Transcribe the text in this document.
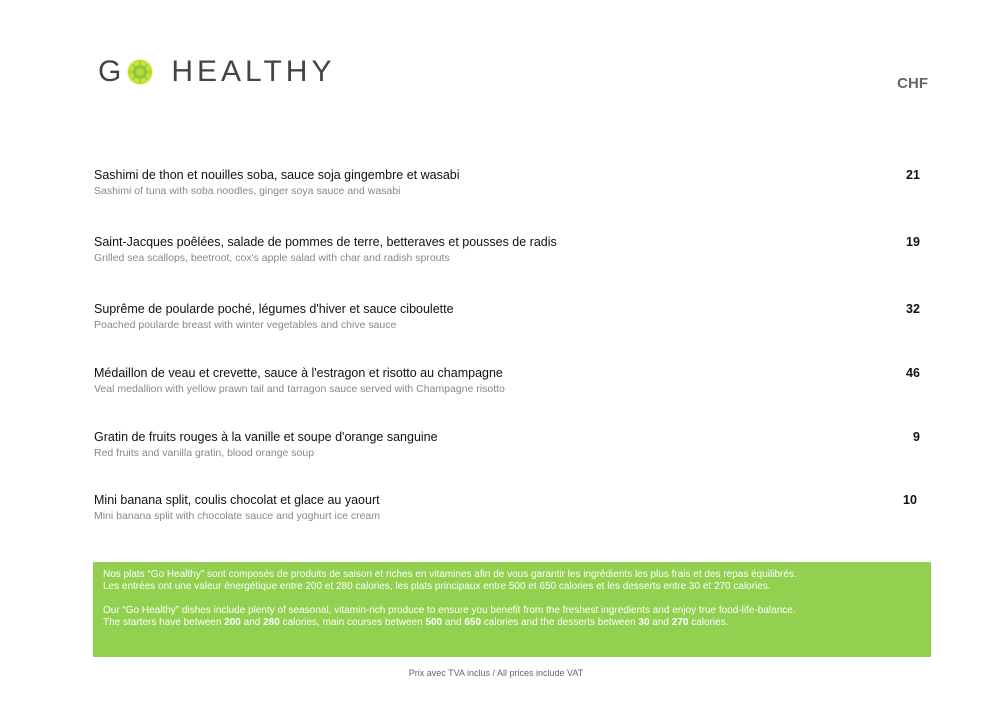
G HEALTHY	CHF
Sashimi de thon et nouilles soba, sauce soja gingembre et wasabi
Sashimi of tuna with soba noodles, ginger soya sauce and wasabi
21
Saint-Jacques poêlées, salade de pommes de terre, betteraves et pousses de radis
Grilled sea scallops, beetroot, cox's apple salad with char and radish sprouts
19
Suprême de poularde poché, légumes d'hiver et sauce ciboulette
Poached poularde breast with winter vegetables and chive sauce
32
Médaillon de veau et crevette, sauce à l'estragon et risotto au champagne
Veal medallion with yellow prawn tail and tarragon sauce served with Champagne risotto
46
Gratin de fruits rouges à la vanille et soupe d'orange sanguine
Red fruits and vanilla gratin, blood orange soup
9
Mini banana split, coulis chocolat et glace au yaourt
Mini banana split with chocolate sauce and yoghurt ice cream
10

Nos plats “Go Healthy” sont composés de produits de saison et riches en vitamines afin de vous garantir les ingrédients les plus frais et des repas équilibrés.

Les entrées ont une valeur énergétique entre 200 et 280 calories, les plats principaux entre 500 et 650 calories et les desserts entre 30 et 270 calories.

Our “Go Healthy” dishes include plenty of seasonal, vitamin-rich produce to ensure you benefit from the freshest ingredients and enjoy true food-life-balance.

The starters have between 200 and 280 calories, main courses between 500 and 650 calories and the desserts between 30 and 270 calories.

Prix avec TVA inclus / All prices include VAT
